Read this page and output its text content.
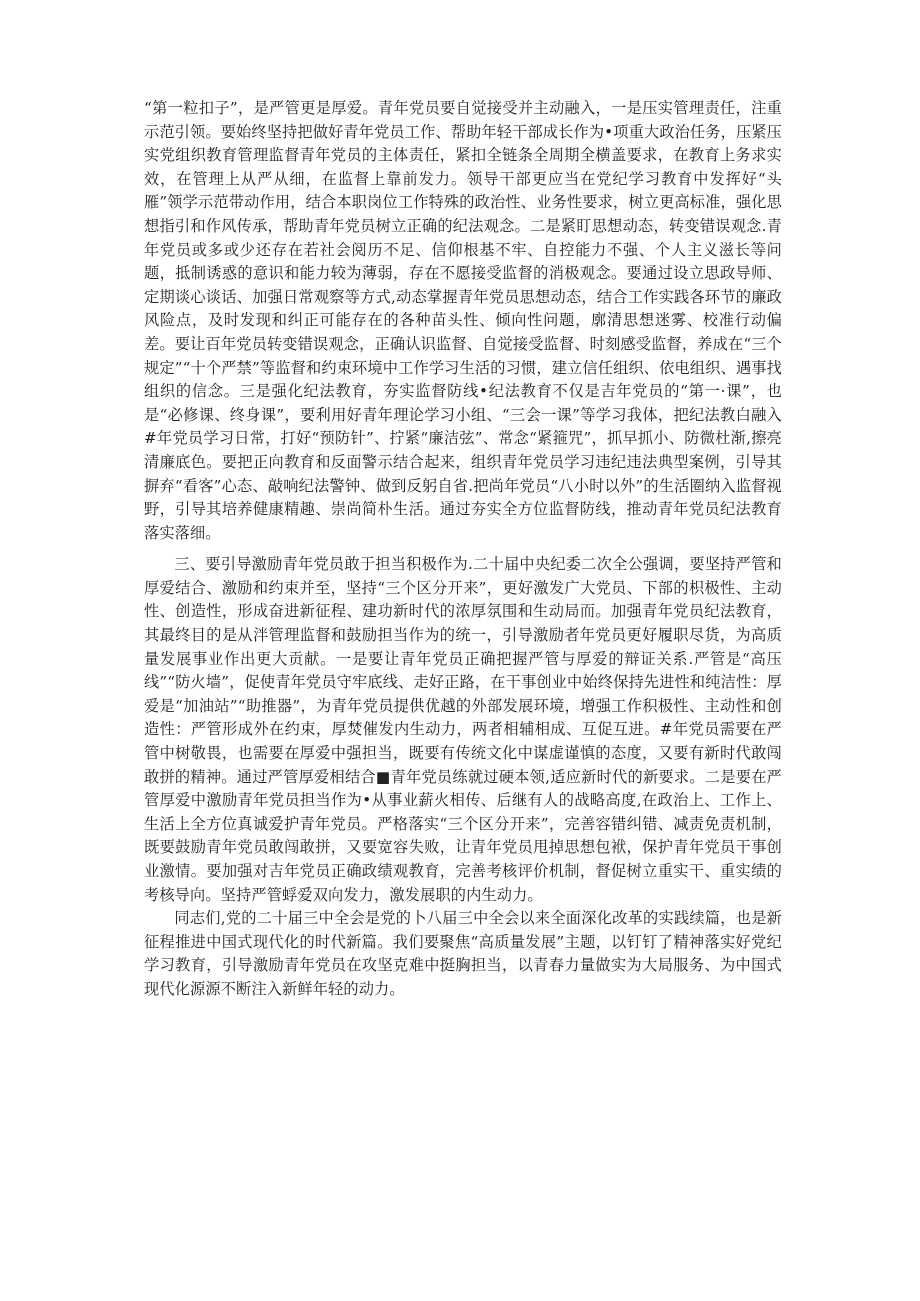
“第一粒扣子”，是严管更是厚爱。青年党员要自觉接受并主动融入，一是压实管理责任，注重示范引领。要始终坚持把做好青年党员工作、帮助年轻干部成长作为•项重大政治任务，压紧压实党组织教育管理监督青年党员的主体责任，紧扣全链条全周期全横盖要求，在教育上务求实效，在管理上从严从细，在监督上靠前发力。领导干部更应当在党纪学习教育中发挥好“头雁”领学示范带动作用，结合本职岗位工作特殊的政治性、业务性要求，树立更高标准，强化思想指引和作风传承，帮助青年党员树立正确的纪法观念。二是紧盯思想动态，转变错误观念.青年党员或多或少还存在若社会阅历不足、信仰根基不牢、自控能力不强、个人主义滋长等问题，抵制诱惑的意识和能力较为薄弱，存在不愿接受监督的消极观念。要通过设立思政导师、定期谈心谈话、加强日常观察等方式,动态掌握青年党员思想动态，结合工作实践各环节的廉政风险点，及时发现和纠正可能存在的各种苗头性、倾向性问题，廓清思想迷雾、校准行动偏差。要让百年党员转变错误观念，正确认识监督、自觉接受监督、时刻感受监督，养成在“三个规定”“十个严禁”等监督和约束环境中工作学习生活的习惯，建立信任组织、依电组织、遇事找组织的信念。三是强化纪法教育，夯实监督防线•纪法教育不仅是吉年党员的“第一·课”，也是“必修课、终身课”，要利用好青年理论学习小组、“三会一课”等学习我体，把纪法教白融入#年党员学习日常，打好“预防针”、拧紧“廉洁弦”、常念“紧箍咒”，抓早抓小、防微杜渐,擦亮清廉底色。要把正向教育和反面警示结合起来，组织青年党员学习违纪违法典型案例，引导其摒弃“看客”心态、敲响纪法警钟、做到反躬自省.把尚年党员“八小时以外”的生活圈纳入监督视野，引导其培养健康精趣、崇尚简朴生活。通过夯实全方位监督防线，推动青年党员纪法教育落实落细。

三、要引导激励青年党员敢于担当积极作为.二十届中央纪委二次全公强调，要坚持严管和厚爱结合、激励和约束并至，坚持“三个区分开来”，更好激发广大党员、下部的枳极性、主动性、创造性，形成奋进新征程、建功新时代的浓厚氛围和生动局而。加强青年党员纪法教育，其最终目的是从泮管理监督和鼓励担当作为的统一，引导激励者年党员更好履职尽货，为高质量发展事业作出更大贡献。一是要让青年党员正确把握严管与厚爱的辩证关系.严管是“高压线”“防火墙”，促使青年党员守牢底线、走好正路，在干事创业中始终保持先进性和纯洁性：厚爱是“加油站”“助推器”，为青年党员提供优越的外部发展环境，增强工作积极性、主动性和创造性：严管形成外在约束，厚焚催发内生动力，两者相辅相成、互促互进。#年党员需要在严管中树敬畏，也需要在厚爱中强担当，既要有传统文化中谋虚谨慎的态度，又要有新时代敢闯敢拼的精神。通过严管厚爱相结合■青年党员练就过硬本领,适应新时代的新要求。二是要在严管厚爱中激励青年党员担当作为•从事业薪火相传、后继有人的战略高度,在政治上、工作上、生活上全方位真诚爱护青年党员。严格落实“三个区分开来”，完善容错纠错、减责免责机制，既要鼓励青年党员敢闯敢拼，又要宽容失败，让青年党员甩掉思想包袱，保护青年党员干事创业激情。要加强对吉年党员正确政绩观教育，完善考核评价机制，督促树立重实干、重实绩的考核导向。坚持严管蜉爱双向发力，激发展职的内生动力。

同志们,党的二十届三中全会是党的卜八届三中全会以来全面深化改革的实践续篇，也是新征程推进中国式现代化的时代新篇。我们要聚焦“高质量发展”主题，以钉钉了精神落实好党纪学习教育，引导激励青年党员在攻坚克难中挺胸担当，以青春力量做实为大局服务、为中国式现代化源源不断注入新鲜年轻的动力。
